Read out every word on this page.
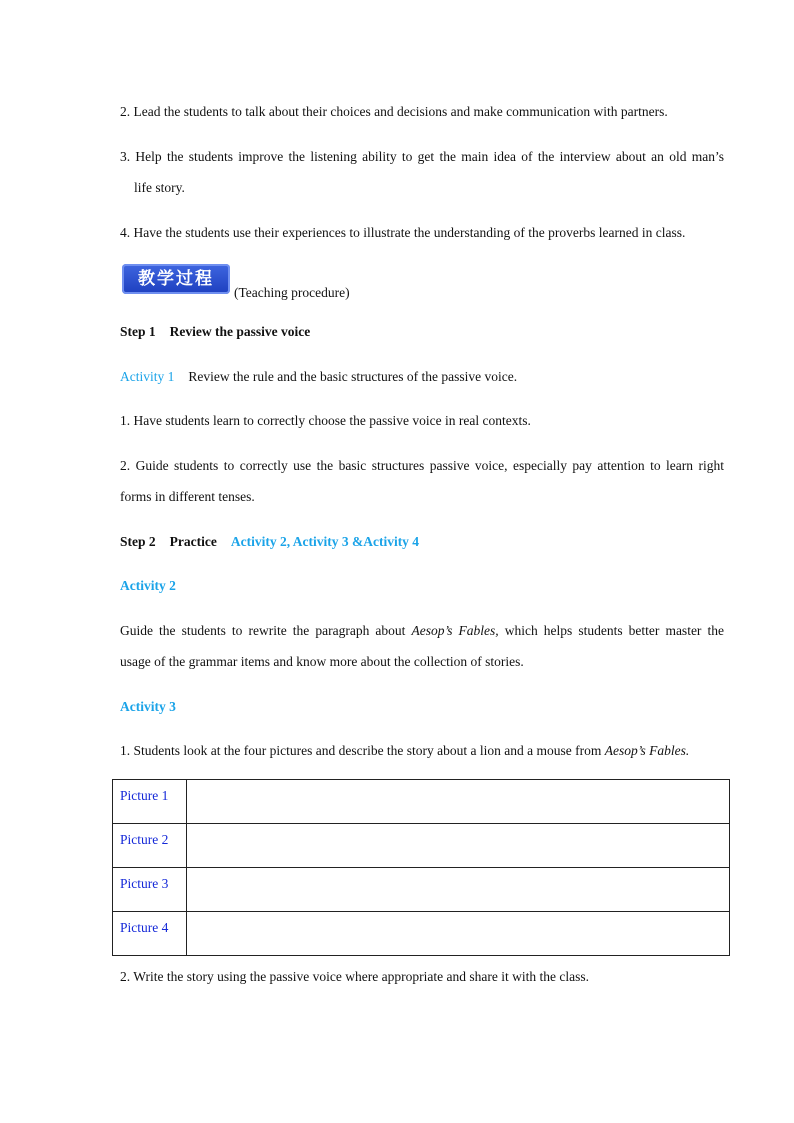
2. Lead the students to talk about their choices and decisions and make communication with partners.
3. Help the students improve the listening ability to get the main idea of the interview about an old man’s
life story.
4. Have the students use their experiences to illustrate the understanding of the proverbs learned in class.
教学过程
(Teaching procedure)
Step 1 Review the passive voice
Activity 1 Review the rule and the basic structures of the passive voice.
1. Have students learn to correctly choose the passive voice in real contexts.
2. Guide students to correctly use the basic structures passive voice, especially pay attention to learn right
forms in different tenses.
Step 2 Practice Activity 2, Activity 3 &Activity 4
Activity 2
Guide the students to rewrite the paragraph about Aesop’s Fables, which helps students better master the
usage of the grammar items and know more about the collection of stories.
Activity 3
1. Students look at the four pictures and describe the story about a lion and a mouse from Aesop’s Fables.
Picture 1	
Picture 2	
Picture 3	
Picture 4	
2. Write the story using the passive voice where appropriate and share it with the class.
